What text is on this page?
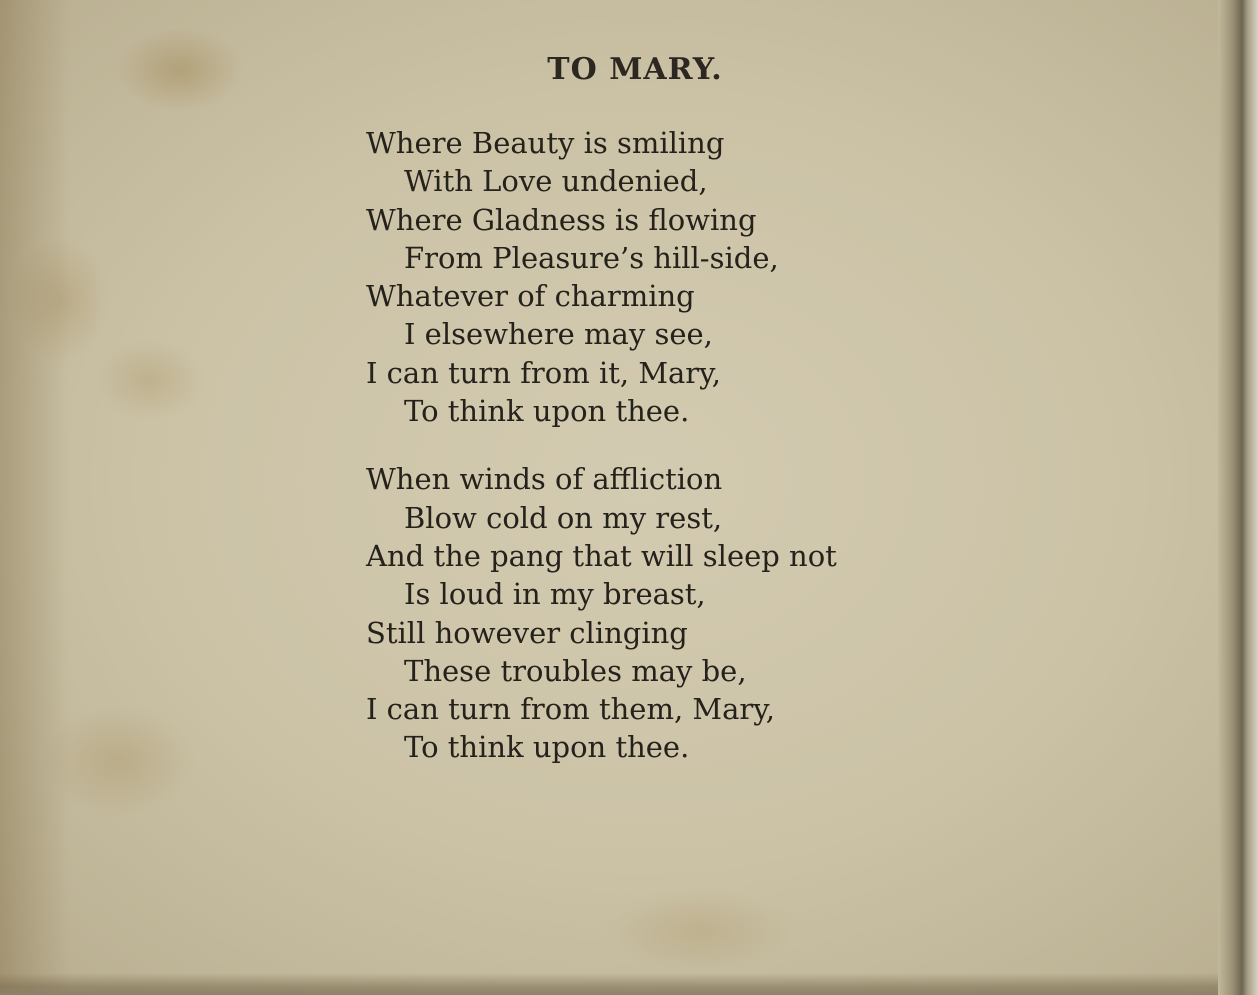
TO MARY.
Where Beauty is smiling
With Love undenied,
Where Gladness is flowing
From Pleasure’s hill-side,
Whatever of charming
I elsewhere may see,
I can turn from it, Mary,
To think upon thee.
When winds of affliction
Blow cold on my rest,
And the pang that will sleep not
Is loud in my breast,
Still however clinging
These troubles may be,
I can turn from them, Mary,
To think upon thee.
